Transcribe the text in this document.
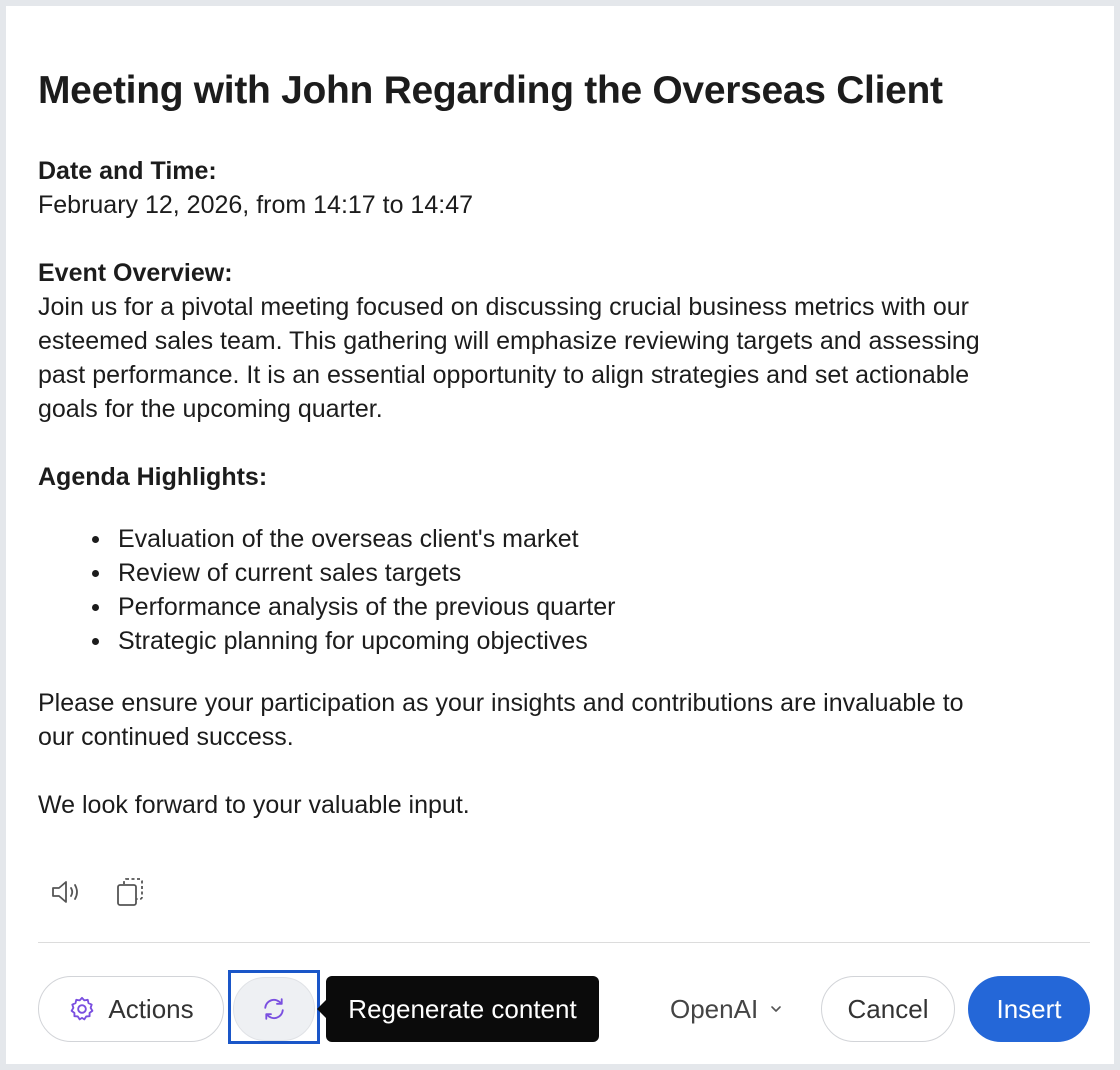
Meeting with John Regarding the Overseas Client

Date and Time:

February 12, 2026, from 14:17 to 14:47

Event Overview:

Join us for a pivotal meeting focused on discussing crucial business metrics with our

esteemed sales team. This gathering will emphasize reviewing targets and assessing

past performance. It is an essential opportunity to align strategies and set actionable

goals for the upcoming quarter.

Agenda Highlights:

Evaluation of the overseas client's market
Review of current sales targets
Performance analysis of the previous quarter
Strategic planning for upcoming objectives

Please ensure your participation as your insights and contributions are invaluable to

our continued success.

We look forward to your valuable input.

Actions	Regenerate content	OpenAI	Cancel	Insert
